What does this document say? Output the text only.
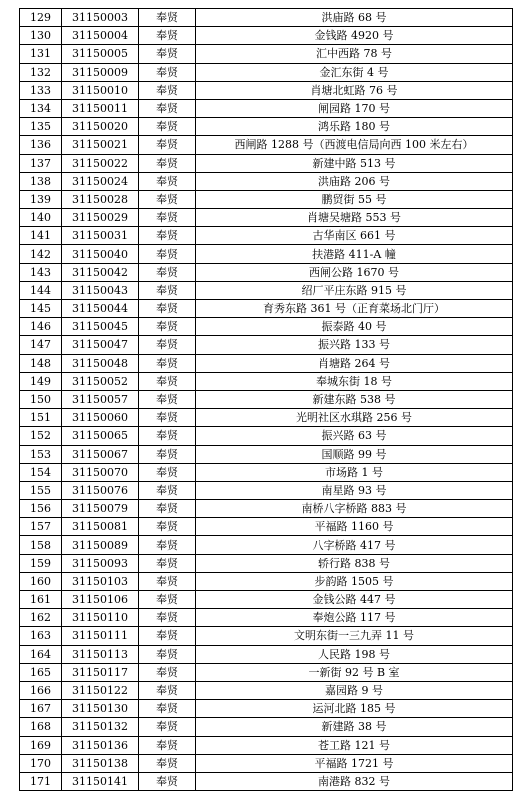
129	31150003	奉贤	洪庙路 68 号
130	31150004	奉贤	金钱路 4920 号
131	31150005	奉贤	汇中西路 78 号
132	31150009	奉贤	金汇东街 4 号
133	31150010	奉贤	肖塘北虹路 76 号
134	31150011	奉贤	闸园路 170 号
135	31150020	奉贤	鸿乐路 180 号
136	31150021	奉贤	西闸路 1288 号（西渡电信局向西 100 米左右）
137	31150022	奉贤	新建中路 513 号
138	31150024	奉贤	洪庙路 206 号
139	31150028	奉贤	鹏贸街 55 号
140	31150029	奉贤	肖塘吴塘路 553 号
141	31150031	奉贤	古华南区 661 号
142	31150040	奉贤	扶港路 411-A 幢
143	31150042	奉贤	西闸公路 1670 号
144	31150043	奉贤	绍厂平庄东路 915 号
145	31150044	奉贤	育秀东路 361 号（正育菜场北门厅）
146	31150045	奉贤	振泰路 40 号
147	31150047	奉贤	振兴路 133 号
148	31150048	奉贤	肖塘路 264 号
149	31150052	奉贤	奉城东街 18 号
150	31150057	奉贤	新建东路 538 号
151	31150060	奉贤	光明社区水琪路 256 号
152	31150065	奉贤	振兴路 63 号
153	31150067	奉贤	国顺路 99 号
154	31150070	奉贤	市场路 1 号
155	31150076	奉贤	南星路 93 号
156	31150079	奉贤	南桥八字桥路 883 号
157	31150081	奉贤	平福路 1160 号
158	31150089	奉贤	八字桥路 417 号
159	31150093	奉贤	轿行路 838 号
160	31150103	奉贤	步韵路 1505 号
161	31150106	奉贤	金钱公路 447 号
162	31150110	奉贤	奉炮公路 117 号
163	31150111	奉贤	文明东街一三九弄 11 号
164	31150113	奉贤	人民路 198 号
165	31150117	奉贤	一新街 92 号 B 室
166	31150122	奉贤	嘉园路 9 号
167	31150130	奉贤	运河北路 185 号
168	31150132	奉贤	新建路 38 号
169	31150136	奉贤	苍工路 121 号
170	31150138	奉贤	平福路 1721 号
171	31150141	奉贤	南港路 832 号
